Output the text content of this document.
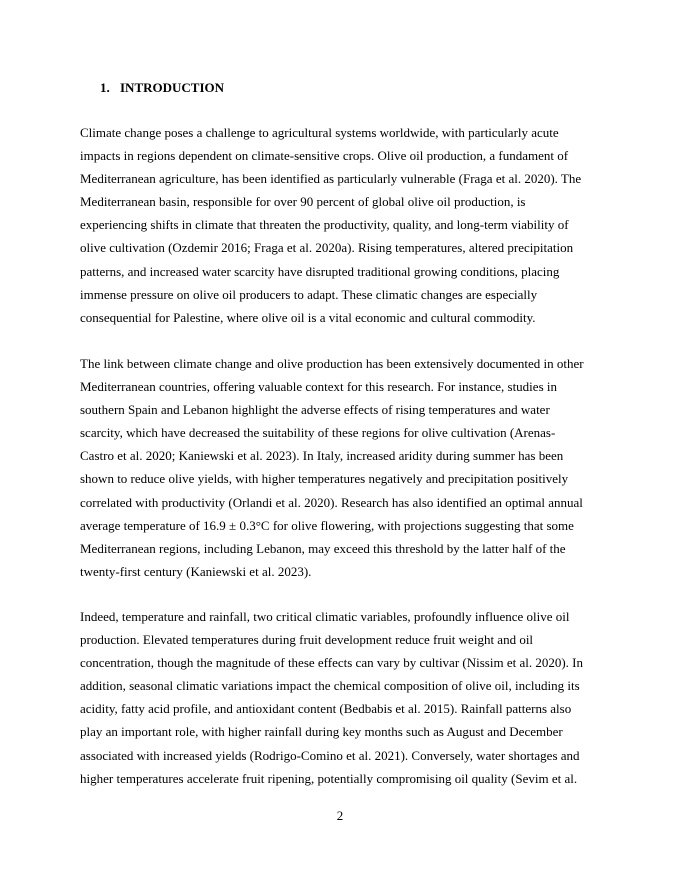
1. INTRODUCTION
Climate change poses a challenge to agricultural systems worldwide, with particularly acute
impacts in regions dependent on climate-sensitive crops. Olive oil production, a fundament of
Mediterranean agriculture, has been identified as particularly vulnerable (Fraga et al. 2020). The
Mediterranean basin, responsible for over 90 percent of global olive oil production, is
experiencing shifts in climate that threaten the productivity, quality, and long-term viability of
olive cultivation (Ozdemir 2016; Fraga et al. 2020a). Rising temperatures, altered precipitation
patterns, and increased water scarcity have disrupted traditional growing conditions, placing
immense pressure on olive oil producers to adapt. These climatic changes are especially
consequential for Palestine, where olive oil is a vital economic and cultural commodity.
The link between climate change and olive production has been extensively documented in other
Mediterranean countries, offering valuable context for this research. For instance, studies in
southern Spain and Lebanon highlight the adverse effects of rising temperatures and water
scarcity, which have decreased the suitability of these regions for olive cultivation (Arenas-
Castro et al. 2020; Kaniewski et al. 2023). In Italy, increased aridity during summer has been
shown to reduce olive yields, with higher temperatures negatively and precipitation positively
correlated with productivity (Orlandi et al. 2020). Research has also identified an optimal annual
average temperature of 16.9 ± 0.3°C for olive flowering, with projections suggesting that some
Mediterranean regions, including Lebanon, may exceed this threshold by the latter half of the
twenty-first century (Kaniewski et al. 2023).
Indeed, temperature and rainfall, two critical climatic variables, profoundly influence olive oil
production. Elevated temperatures during fruit development reduce fruit weight and oil
concentration, though the magnitude of these effects can vary by cultivar (Nissim et al. 2020). In
addition, seasonal climatic variations impact the chemical composition of olive oil, including its
acidity, fatty acid profile, and antioxidant content (Bedbabis et al. 2015). Rainfall patterns also
play an important role, with higher rainfall during key months such as August and December
associated with increased yields (Rodrigo-Comino et al. 2021). Conversely, water shortages and
higher temperatures accelerate fruit ripening, potentially compromising oil quality (Sevim et al.
2
